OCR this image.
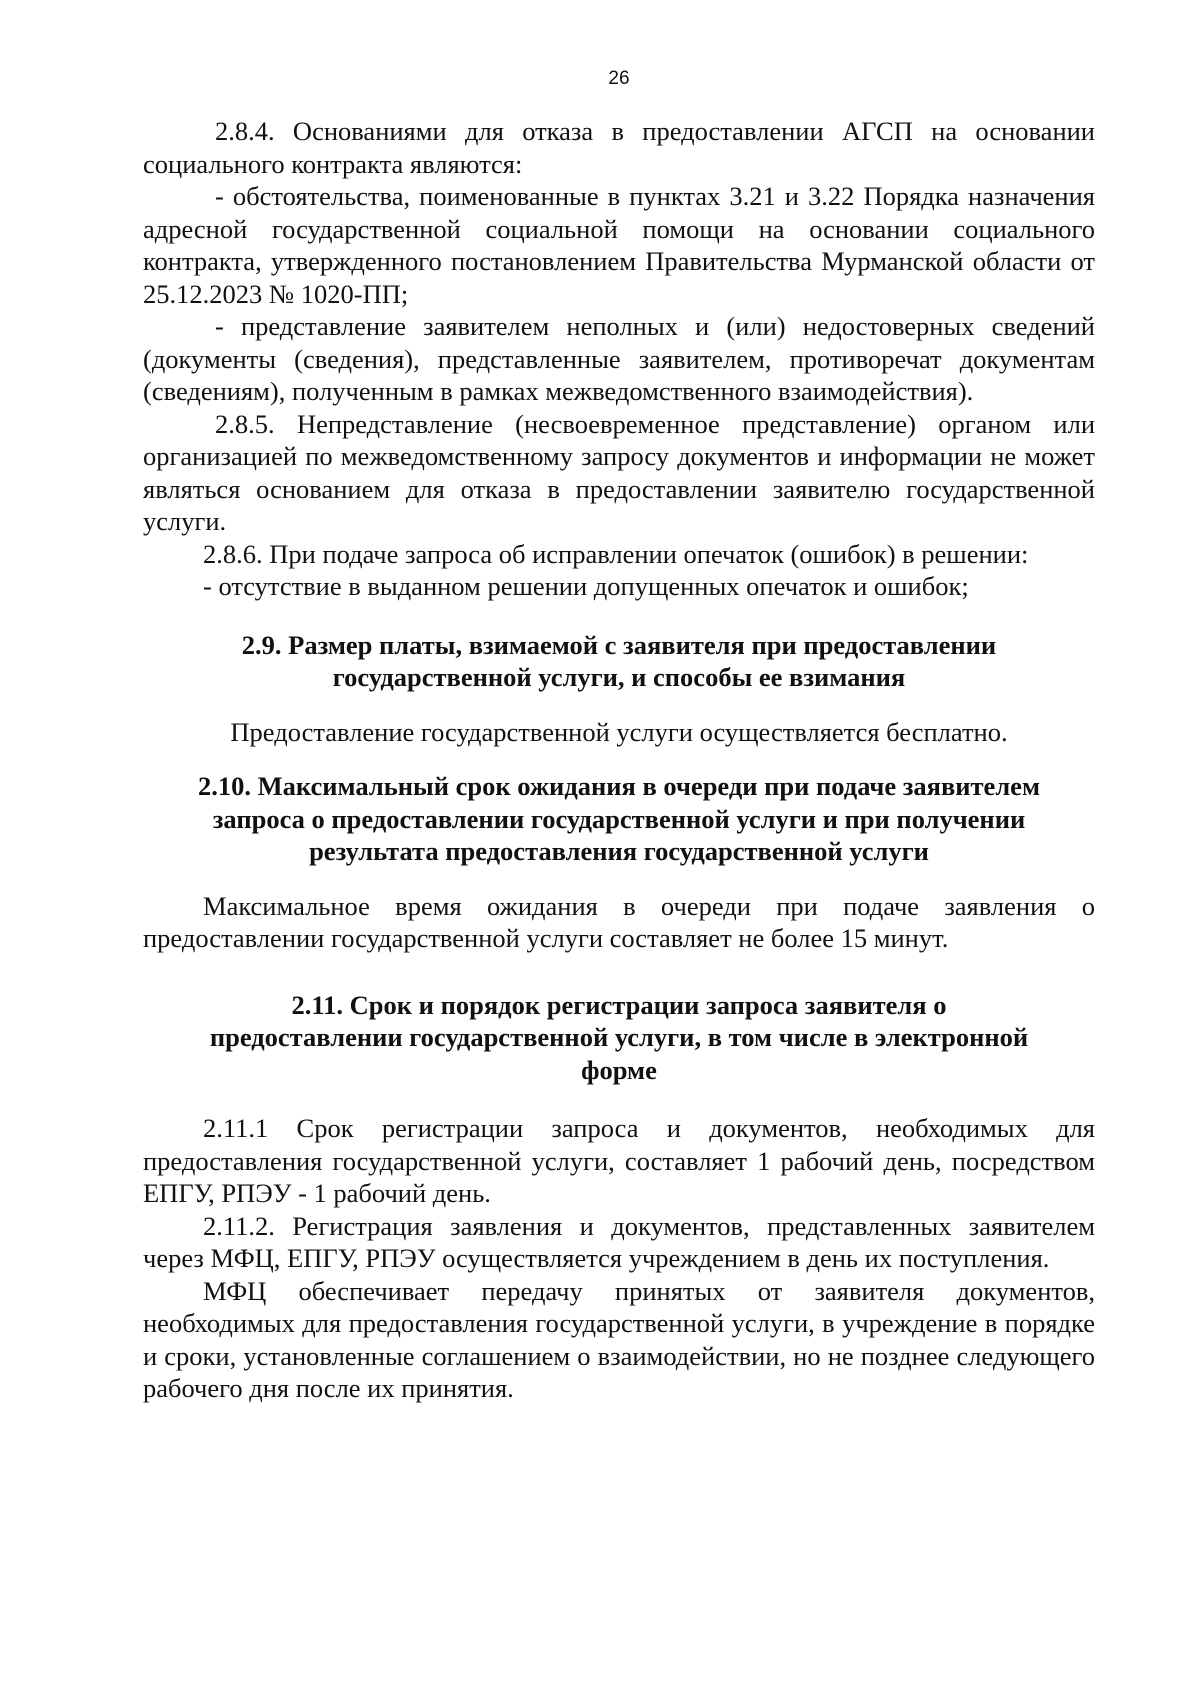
26

2.8.4. Основаниями для отказа в предоставлении АГСП на основании социального контракта являются:

- обстоятельства, поименованные в пунктах 3.21 и 3.22 Порядка назначения адресной государственной социальной помощи на основании социального контракта, утвержденного постановлением Правительства Мурманской области от 25.12.2023 № 1020-ПП;

- представление заявителем неполных и (или) недостоверных сведений (документы (сведения), представленные заявителем, противоречат документам (сведениям), полученным в рамках межведомственного взаимодействия).

2.8.5. Непредставление (несвоевременное представление) органом или организацией по межведомственному запросу документов и информации не может являться основанием для отказа в предоставлении заявителю государственной услуги.

2.8.6. При подаче запроса об исправлении опечаток (ошибок) в решении:

- отсутствие в выданном решении допущенных опечаток и ошибок;

2.9. Размер платы, взимаемой с заявителя при предоставлении
государственной услуги, и способы ее взимания

Предоставление государственной услуги осуществляется бесплатно.

2.10. Максимальный срок ожидания в очереди при подаче заявителем
запроса о предоставлении государственной услуги и при получении
результата предоставления государственной услуги

Максимальное время ожидания в очереди при подаче заявления о предоставлении государственной услуги составляет не более 15 минут.

2.11. Срок и порядок регистрации запроса заявителя о
предоставлении государственной услуги, в том числе в электронной
форме

2.11.1 Срок регистрации запроса и документов, необходимых для предоставления государственной услуги, составляет 1 рабочий день, посредством ЕПГУ, РПЭУ - 1 рабочий день.

2.11.2. Регистрация заявления и документов, представленных заявителем через МФЦ, ЕПГУ, РПЭУ осуществляется учреждением в день их поступления.

МФЦ обеспечивает передачу принятых от заявителя документов, необходимых для предоставления государственной услуги, в учреждение в порядке и сроки, установленные соглашением о взаимодействии, но не позднее следующего рабочего дня после их принятия.
